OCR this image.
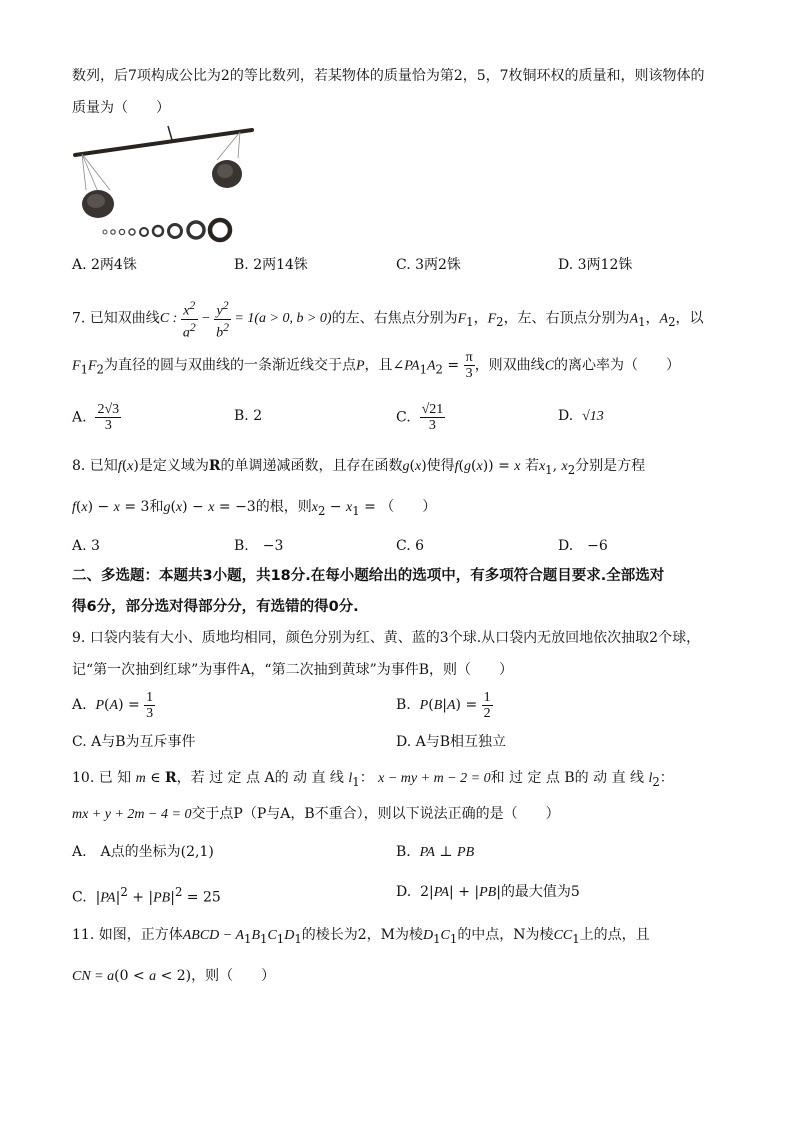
数列，后7项构成公比为2的等比数列，若某物体的质量恰为第2，5，7枚铜环权的质量和，则该物体的
质量为（　　）
A. 2两4铢	B. 2两14铢	C. 3两2铢	D. 3两12铢
7. 已知双曲线C : $\frac{x^2}{a^2} - \frac{y^2}{b^2} = 1(a > 0$, b > 0)的左、右焦点分别为$F_1$，$F_2$，左、右顶点分别为$A_1$，$A_2$，以
$F_1F_2$为直径的圆与双曲线的一条渐近线交于点P，且$\angle PA_1A_2 = \frac{\pi}{3}$ ，则双曲线C的离心率为（　　）
A. $\frac{2√3}{3}$	B. 2	C. $\frac{√21}{3}$	D. √13
8. 已知f(x)是定义域为R的单调递减函数，且存在函数g(x)使得f(g(x)) = x 若$x_1$, $x_2$分别是方程
f(x) − x = 3和g(x) − x = −3的根，则$x_2 - x_1$ = （　　）
A. 3	B.　−3	C. 6	D.　−6
二、多选题：本题共3小题，共18分.在每小题给出的选项中，有多项符合题目要求.全部选对
得6分，部分选对得部分分，有选错的得0分.
9. 口袋内装有大小、质地均相同，颜色分别为红、黄、蓝的3个球.从口袋内无放回地依次抽取2个球，
记“第一次抽到红球”为事件A，“第二次抽到黄球”为事件B，则（　　）
A. $P(A) = \frac{1}{3}$	B. $P(B|A) = \frac{1}{2}$
C. A与B为互斥事件	D. A与B相互独立
10. 已 知 m ∈ R，若 过 定 点 A的 动 直 线 $l_1$： x − my + m − 2 = 0和 过 定 点 B的 动 直 线 $l_2$：
mx + y + 2m − 4 = 0交于点P（P与A，B不重合），则以下说法正确的是（　　）
A.　A点的坐标为(2,1)	B. PA ⊥ PB
C.  $|PA|^2 + |PB|^2 = 25$	D.  2|PA| + |PB|的最大值为5
11. 如图，正方体ABCD − $A_1B_1C_1D_1$的棱长为2，M为棱$D_1C_1$的中点，N为棱$CC_1$上的点，且
CN = a(0 < a < 2)，则（　　）
